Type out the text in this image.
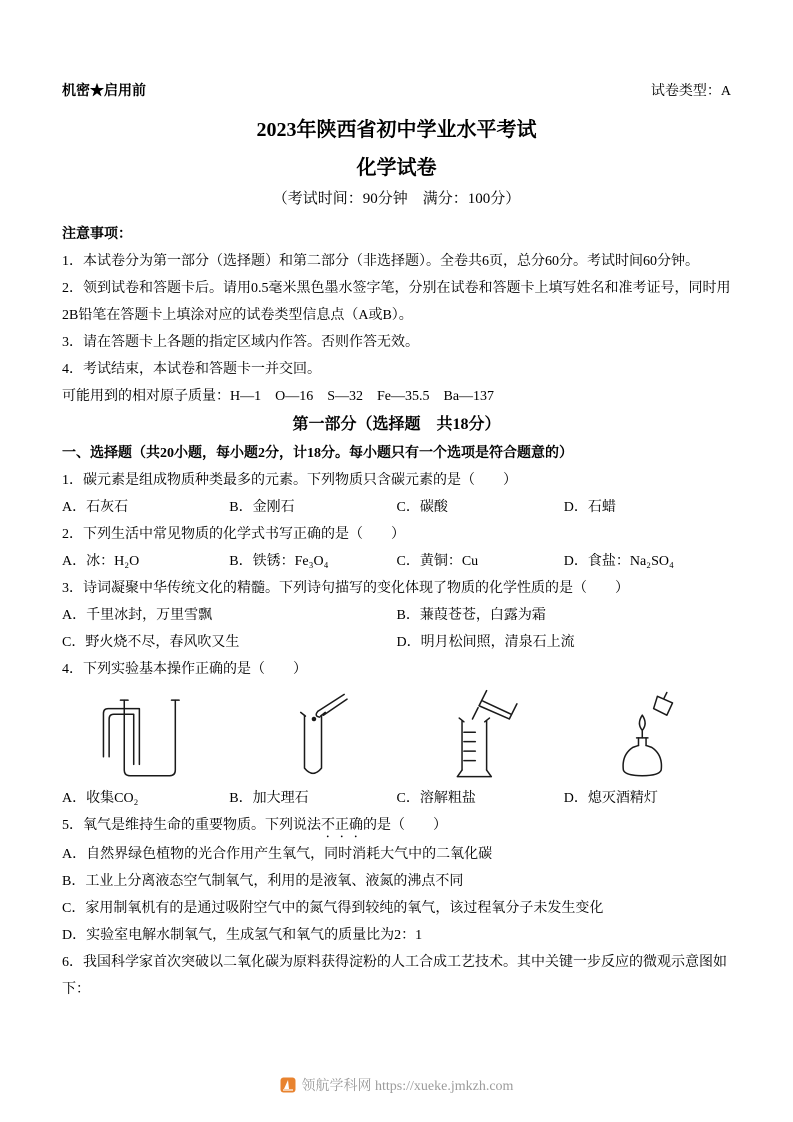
机密★启用前	试卷类型：A
2023年陕西省初中学业水平考试
化学试卷
（考试时间：90分钟　满分：100分）
注意事项：
1．本试卷分为第一部分（选择题）和第二部分（非选择题）。全卷共6页，总分60分。考试时间60分钟。
2．领到试卷和答题卡后。请用0.5毫米黑色墨水签字笔，分别在试卷和答题卡上填写姓名和准考证号，同时用2B铅笔在答题卡上填涂对应的试卷类型信息点（A或B）。
3．请在答题卡上各题的指定区域内作答。否则作答无效。
4．考试结束，本试卷和答题卡一并交回。
可能用到的相对原子质量：H—1　O—16　S—32　Fe—35.5　Ba—137
第一部分（选择题　共18分）
一、选择题（共20小题，每小题2分，计18分。每小题只有一个选项是符合题意的）
1．碳元素是组成物质种类最多的元素。下列物质只含碳元素的是（　　）
A．石灰石	B．金刚石	C．碳酸	D．石蜡
2．下列生活中常见物质的化学式书写正确的是（　　）
A．冰：H₂O	B．铁锈：Fe₃O₄	C．黄铜：Cu	D．食盐：Na₂SO₄
3．诗词凝聚中华传统文化的精髓。下列诗句描写的变化体现了物质的化学性质的是（　　）
A．千里冰封，万里雪飘	B．蒹葭苍苍，白露为霜
C．野火烧不尽，春风吹又生	D．明月松间照，清泉石上流
4．下列实验基本操作正确的是（　　）
A．收集CO₂	B．加大理石	C．溶解粗盐	D．熄灭酒精灯
5．氧气是维持生命的重要物质。下列说法不正确的是（　　）
A．自然界绿色植物的光合作用产生氧气，同时消耗大气中的二氧化碳
B．工业上分离液态空气制氧气，利用的是液氧、液氮的沸点不同
C．家用制氧机有的是通过吸附空气中的氮气得到较纯的氧气，该过程氧分子未发生变化
D．实验室电解水制氧气，生成氢气和氧气的质量比为2：1
6．我国科学家首次突破以二氧化碳为原料获得淀粉的人工合成工艺技术。其中关键一步反应的微观示意图如下：
领航学科网 https://xueke.jmkzh.com
